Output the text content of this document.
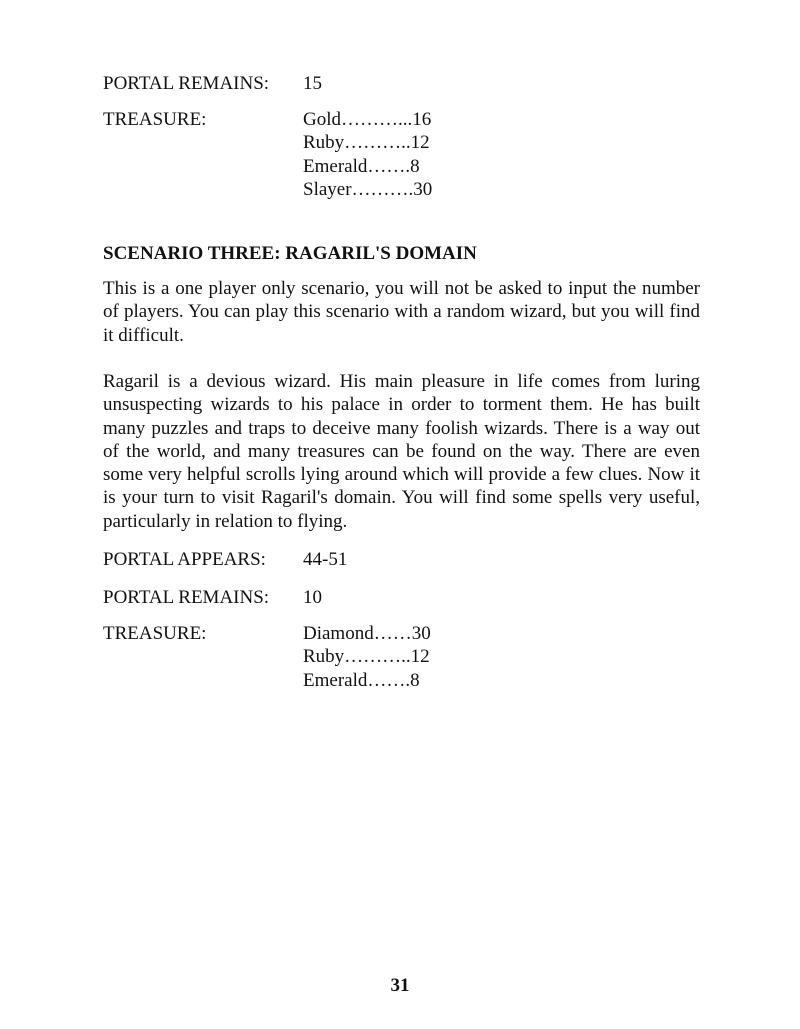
PORTAL REMAINS: 15
TREASURE:	Gold………...16
Ruby………..12
Emerald…….8
Slayer……….30
SCENARIO THREE: RAGARIL'S DOMAIN

This is a one player only scenario, you will not be asked to input the number of players. You can play this scenario with a random wizard, but you will find it difficult.

Ragaril is a devious wizard. His main pleasure in life comes from luring unsuspecting wizards to his palace in order to torment them. He has built many puzzles and traps to deceive many foolish wizards. There is a way out of the world, and many treasures can be found on the way. There are even some very helpful scrolls lying around which will provide a few clues. Now it is your turn to visit Ragaril's domain. You will find some spells very useful, particularly in relation to flying.

PORTAL APPEARS: 44-51
PORTAL REMAINS: 10
TREASURE:	Diamond……30
Ruby………..12
Emerald…….8
31
